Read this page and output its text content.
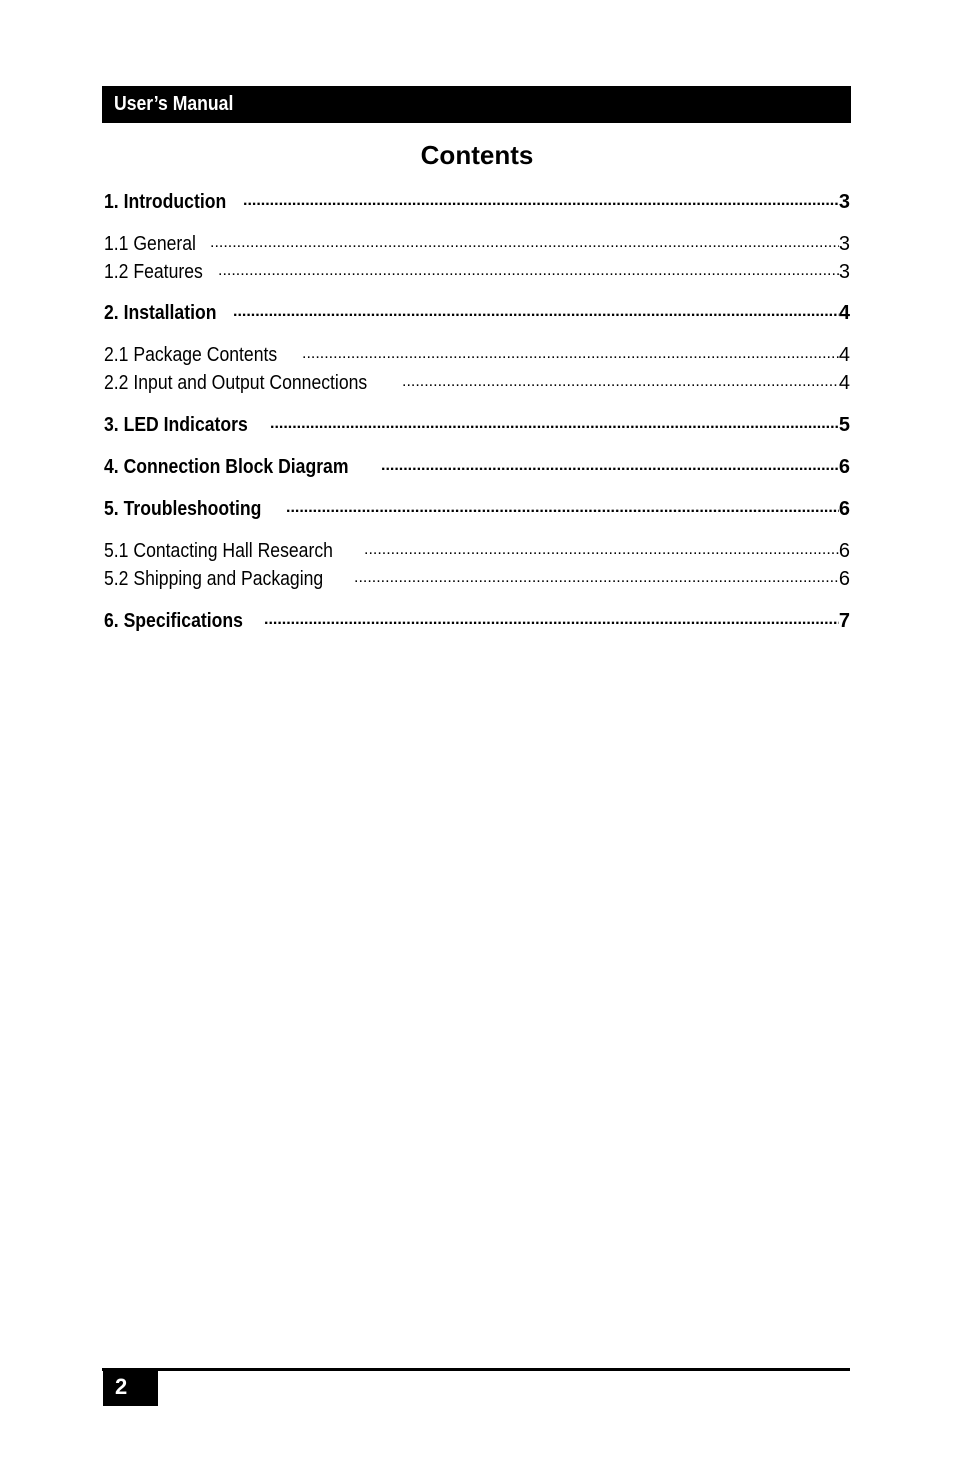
User’s Manual
Contents
1. Introduction .....	3
1.1 General .....	3
1.2 Features .....	3
2. Installation .....	4
2.1 Package Contents .....	4
2.2 Input and Output Connections .....	4
3. LED Indicators .....	5
4. Connection Block Diagram .....	6
5. Troubleshooting .....	6
5.1 Contacting Hall Research .....	6
5.2 Shipping and Packaging .....	6
6. Specifications .....	7
2
